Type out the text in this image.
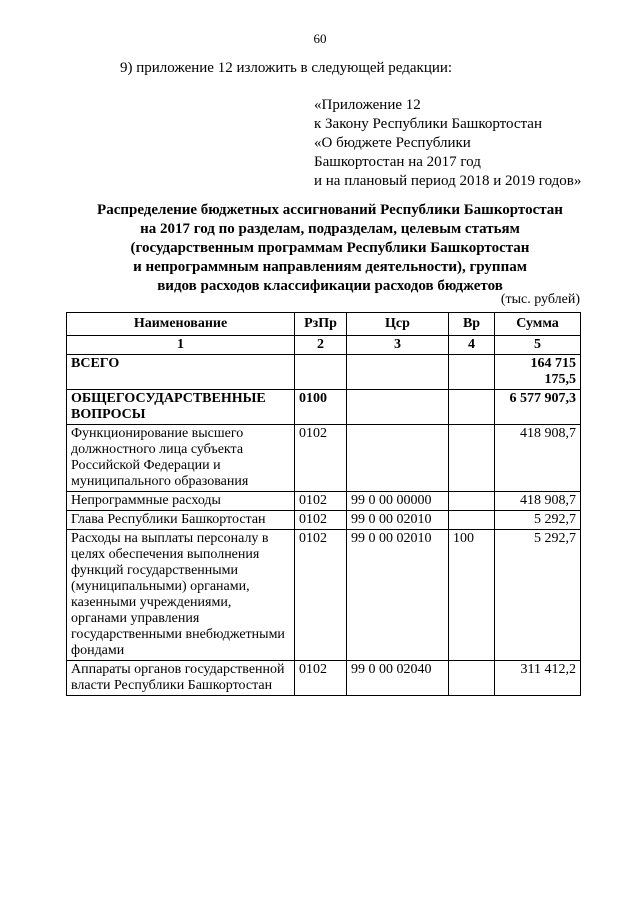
60
9) приложение 12 изложить в следующей редакции:
«Приложение 12
к Закону Республики Башкортостан
«О бюджете Республики
Башкортостан на 2017 год
и на плановый период 2018 и 2019 годов»
Распределение бюджетных ассигнований Республики Башкортостан
на 2017 год по разделам, подразделам, целевым статьям
(государственным программам Республики Башкортостан
и непрограммным направлениям деятельности), группам
видов расходов классификации расходов бюджетов
(тыс. рублей)
Наименование	РзПр	Цср	Вр	Сумма
1	2	3	4	5
ВСЕГО				164 715 175,5
ОБЩЕГОСУДАРСТВЕННЫЕ ВОПРОСЫ	0100			6 577 907,3
Функционирование высшего должностного лица субъекта Российской Федерации и муниципального образования	0102			418 908,7
Непрограммные расходы	0102	99 0 00 00000		418 908,7
Глава Республики Башкортостан	0102	99 0 00 02010		5 292,7
Расходы на выплаты персоналу в целях обеспечения выполнения функций государственными (муниципальными) органами, казенными учреждениями, органами управления государственными внебюджетными фондами	0102	99 0 00 02010	100	5 292,7
Аппараты органов государственной власти Республики Башкортостан	0102	99 0 00 02040		311 412,2
